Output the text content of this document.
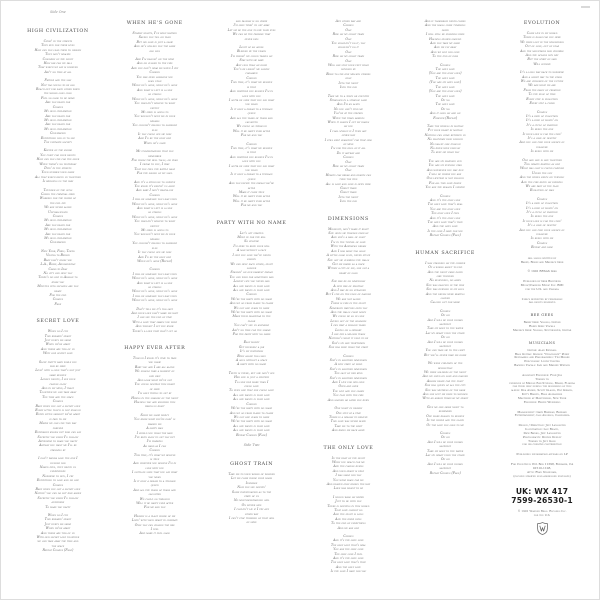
Side One
HIGH CIVILIZATION
Cryin' in the streets
They run for their lives
How can you lead them to heaven
They don't realize
Children of the night
How far can we fall
That which we say is forever
Ain't no time at all
Father and the son
Not too young to be old
Reach out for each other when
the world goes cold
Feel so good to be home
Are you ready for
Chorus
My high civilization
Are you ready for
My high civilization
Are you ready for
My high civilization
Civilization
Everything for us to see
The ultimate society
Keeper of the sword
You fight for your rights
How can you live for the hour
When there's no yesterday
Dyin' in the streets
Your number your name
All that which keeps us together
Is bringing us the pain
Thunder of the guns
Comes the criminal mind
Working for the power of
the evil eye
We are never alone
Unchallenged
Chorus
My high civilization
Are you ready for
My high civilization
Are you ready for
My high civilization
Civilization
New York, Paris, Tokyo
Vienna to Berlin
Baby don't know you
L.A., Rome, Afghanistan
Cairo to Iran
No city can help you
There's no one in Avalon to
know you
Minutes into seconds are you
ready
For the end
Chorus
Fade
SECRET LOVE
When do I cry
This breakin' heart
Just hurts me more
When we're apart
And there are two of us
With our secret love
Sleep pretty baby while you
may be mine
Livin' with a love that's not just
make believe
Lonely nights, I see your
candle glow
And in my mind, I trace
Together we can take away
The time and the space
Chorus
Baby when you got a secret love
Every little touch is not enough
Every little moment we're apart
is pain to me
Maybe we can live this way
forever
Everybody knows but who can say
Secretly you know I'd follow
Anywhere to make you happy
Anyway you want me I'll be
standing by
I don't wanna lose the one I
hunger for
Naked eyes, they watch us
everywhere
Nowhere to run, I cry
Everything to lose and no one
Chorus
Baby when you got a secret love
Nothin' you can do but rise above
Secretly you know I'd follow
anywhere
To make you happy
When do I cry
This breakin' heart
Just hurts me more
When we're apart
And there are two of us
With our secret love together
we can take away the time and
the space
Repeat Chorus (Fade)
WHEN HE'S GONE
Stormy nights, I've been waiting
Saving you till oh yeah
But his love is just a game
And he's selling you the same
old lies
And I'm hangin' on the wire
And no closer to the fire
And you don't hear me when I cry
Chorus
You may need someone you
lean upon
When he's gone, when he's gone
And what is left is a love
so strong
When he's gone, when he's gone
You wouldn't believe to what
extent
My mind is going to
You wouldn't deny me in your
dreams
You couldn't belong to someone
else
If you could see me now
And I'd be the only one
When he's gone
My understanding that you
remember
For whom the bell tolls, oh yeah
I swear to you, I pray
That you feel the battle rage
For the saving of my soul
And it's a struggle to survive
You know it's keepin' us alive
And baby I don't wanna die
Chorus
I will be someone you lean upon
When he's gone, when he's gone
And what is left is a love
so strong
When he's gone, when he's gone
You wouldn't believe to what
extent
My mind is going to
You wouldn't deny me in your
dreams
You couldn't belong to someone
else
If you could see me now
And I'd be the only one
When he's gone (Repeat)
Chorus
I will be someone you lean upon
When he's gone, when he's gone
And what is left is a love
so strong
When he's gone, when he's gone
I will be someone you lean upon
When he's gone, when he's gone
Don't tell me it's too late
And your love don't make me wait
I can see the end of time
With a love that makes you mine
And tonight I let you know
There's a love that won't let go
HAPPY EVER AFTER
Though I know it's time to take
you home
Baby you and I are all alone
We should take a moment of
our own
And look what we've got
You could destroy this heart
of mine
I'm only trying to get by
Hiding in the shadow of the night
Holding you and knowing this
wrong is right
Show me some mercy
You know what you're doin' is
making me
A happy man
I shield you from the rain
I've been slow to get you but
I'm working
As hard as I can
Chorus
This time, it's what we believe
is true
And whether you believe I'm in
love with you
I gotta be sure that you say what
you mean
Is it only a dream to a teenage
queen
And all the years of tears and
laughter
We could go through
Will it be happy ever after
For me and you
Heaven is a place inside of me
Livin' with your heart in company
Only you can change the way
I feel
And make it feel good
and passion is no crime
I'm only tryin' to get away
Let me be the one to dry your eyes
We can be the promise that
never dies
Light of an angel
Blinded by the vision
I'm wishin' we could travel on
Stay with me baby
Any less than an hour
You'd be leavin' me lonely
forsaken
Chorus
This time, it's what we believe
is true
And whether you believe I'm in
love with you
I gotta be sure that you say what
you mean
Is it only a dream to a teenage
queen
And all the years of tears and
laughter
We could go through
Will it be happy ever after
For me and you
Chorus
This time, it's what we believe
is true
And whether you believe I'm in
love with you
I gotta be sure that you say what
you mean
Is it only a dream to a teenage
queen
And you define the dream you're
after
Make it come true
Will it be happy ever after
Will it be happy ever after
For me and you
PARTY WITH NO NAME
Let's get started
Move in for the kill
So sincere
I'm here to bend your will
A man without a face
I give you love you've never
known
We can help each other, night
longer
Standin' on our darkest dream
You can wish for something bad
Lowest life you never had
All she wants is your love
All she wants is your love
Chorus
We're the party with no name
And we go from flame to flame
We got one claim to fame
We're the party with no name
Make them disappear to the
floor
You can't see us anymore
Ain't no time for the shame
For the party with no name
Easy money
Get yourself a job
It's my invitation
Been alone too long
A soul without a space
A party with no name
Truth is there, but she don't see
Her life is just a mystery
To love her more than I
could love
To even one that she could love
All she wants is your love
All she wants is your love
Chorus
We're the party with no name
And we go from flame to flame
We got one claim to fame
We're the party with no name
All she wants is your love
All she wants is your love
Repeat Chorus (Fade)
Side Two
GHOST TRAIN
Take me to your world of wonder
Let me come inside your room
Invisible
Now you see nothin'
Some investigation as to the
state of us
No misunderstanding girl
On either side
I couldn't lie if I try any
other way
I can't stop thinking of that girl
of mine
Any other way and
Chorus
Ooh
Ride on my ghost train
Ooh
You shouldn't do it, you
shouldn't do it
Ooh
Ride on my ghost train
Ooh
Who can stop your feet from
running by
Born to live one million stories
high
Into the night
Into the day
Take me to a town or country
Stranger in a strange land
And I'm an alien
No you can't find me
You're at the station
When the train arrives
When it leaves I get my hands
on you
I fool myself if I turn any
other way
I still keep searchin' for that girl
of mine
I'm for the hell of it all
Do it anyway and
Chorus
Ooh
Ride on my ghost train
Ooh
Hearts can break and hearts can
turn the tide
All is love and love is open wide
Ghost train
Ghost train
Into the night
Into the day
DIMENSIONS
Midnight, don't make it right
She gives me trouble enough
And she's a ball of light
I'm in the tunnel of love
With the American dream
And I was born too soon
A little good luck, never stuck
She got me climbing the walls
Got me bored as a rock
Within a city of sin, she got a
heart of gold
She may be no dimension
A new way of emotion
And I may be no stranger
But I live on the edge of danger
We are not alone
There is fire in the night
Somebody watches over you
And the walls come down
We could be so in love
Living out of the shadows
I can wait a million years
Living on a memory
I can dry a million tears
Nothing's what it used to be
She's my one temptation
She was mine from the start
Chorus
She's in another dimension
A new state of mind
She's in another dimension
The last of her kind
She's in another dimension
And I live for her love
Over and over
You live and you learn
You play with the fire
And sooner or later you burn
One night in heaven
One step at a time
There is a reason to believe
This love was never blind
Take me to the limit
And bring me back alive
THE ONLY LOVE
In the heat of the night
When you reach for me
And the candle burns
And your heart is free
I was made for you
You were made for me
And heaven only knows the way
Love was meant to be
I would walk on water
Just to be with you
There is nothing in this world
That love cannot do
And the night is long
And the river runs
To the end of everything
And we are one
Chorus
And it's the only love
The only love that's real
You are the only love
The only love I feel
And it's the only love
The only love that's true
And the only love
Is the love I have for you
And if tomorrow never comes
And the walls come tumbling
down
I will still be standing here
Holding higher ground
And you take my hand
And we fly away
And we live for love
To the end of days
Chorus
The only love
(You are the only love)
The only love
(You are my only love)
The only love
(You are the only love)
The only love
Oh no
The only love
Oh no
And it goes on and on
Forever (Repeat)
Take the wheels in motion
Put your heart in motion
Nothing can come between us
No mountain high enough
No valley low enough
No river wide enough
To keep me from you
You are my morning sun
You are my evening star
And wherever you may run
I will be where you are
One lifetime is not enough
For all this love inside
You are the reason I survive
Chorus
And it's the only love
The only love that's real
You are the only love
The only love I feel
And it's the only love
The only love that's true
And the only love
Is the love I have for you
Repeat Chorus (Fade)
HUMAN SACRIFICE
I was standing on the corner
Of a world about to end
And the night came down
like thunder
No beginning, no amen
She was dancing in the fire
She was burning in my soul
And the drums were beating
louder
Calling out for more
Chorus
Oh oh
And I will be your human
sacrifice
Take my body to the water
Lay my heart upon the stone
Oh oh
And I will be your human
sacrifice
You can take me to the limit
But you'll never take me home
We were children of the
revolution
We were soldiers of the night
And we lived on love and danger
Always ready for the fight
She was queen of all the city
She was mistress of the dark
And she left me here to wonder
With an arrow through my heart
Give me one more night to
remember
One more reason to believe
In the power and the glory
Of the love you gave to me
Chorus
Oh oh
And I will be your human
sacrifice
Take my body to the water
Lay my heart upon the stone
Oh oh
And I will be your human
sacrifice
Repeat Chorus (Fade)
EVOLUTION
Come live in my world
There is room for you here
We were lost in the wilderness
Out of love, out of fear
And the mountains may crumble
And the oceans run dry
But the spirit of man
Will survive
It's a long way back to nowhere
And a short way to the stars
We are children of the future
We are what we are
From the dawn of creation
To the edge of time
Every step is evolution
Every step a climb
Chorus
It's a kind of evolution
It's a kind of movin' on
It's a cycle of emotion
In being the one
If your love is for the livin'
It's a case of destiny
And you can find your source of
pleasure
In being with me
One and one is one together
Two hearts beating as one
What was lost is found forever
Under the sun
And the wheel keeps on turning
And the fire keeps on burning
We are part of the plan
Evolution of man
Chorus
It's a kind of evolution
It's a kind of movin' on
It's a cycle of emotion
In being the one
If your love is for the livin'
It's a case of destiny
And you can find your source of
pleasure
In being with me
Chorus
Repeat and fade
All songs written by
Barry, Robin and Maurice Gibb
© 1991 BRSAS Gibb
Published by Gibb Brothers
Music/Careers Music Inc. BMI
for the U.S. and Canada
Lyrics reprinted by permission
All rights reserved
BEE GEES
Barry Gibb: Vocals, Guitar
Robin Gibb: Vocals
Maurice Gibb: Vocals, Synthesizer, Guitar
MUSICIANS
Guitar: Alan Kendall
Bass Guitar: George "Chocolate" Perry
Keyboards and Programming: Tim Moore
Percussion: Lenny Castro
Backing Vocals: Iain and Marnie Watson
Assistant Engineer: Femi Jiya
Thanks to
everyone at Middle Ear Studios, Miami, Florida
for their help during the recording of this
album: Dea Andre, Scott Glasel, Pat Gibson,
Kitty Brown, Ross Alexander
Mastered at Masterdisk, New York
Engineer: Howie Weinberg
Management: Gary Borman, Borman
Entertainment, Los Angeles, California
Design / Direction: Jeff Lancaster
Illustration: Lou Beach,
Dick Banks, Jeff Lancaster
Photography: Dennis Keeley
Thanks to Jeff Gold
for his creative contribution
Publishing information appears on LP
For Club Info: P.O. Box 11398, Burbank, CA
91510-1108,
Attn: Ryan Stoneham,
(include stamped self-addressed envelope)
UK: WX 417
7599-26530-1
© 1991 Warner Bros. Records Inc.
for the U.S.
